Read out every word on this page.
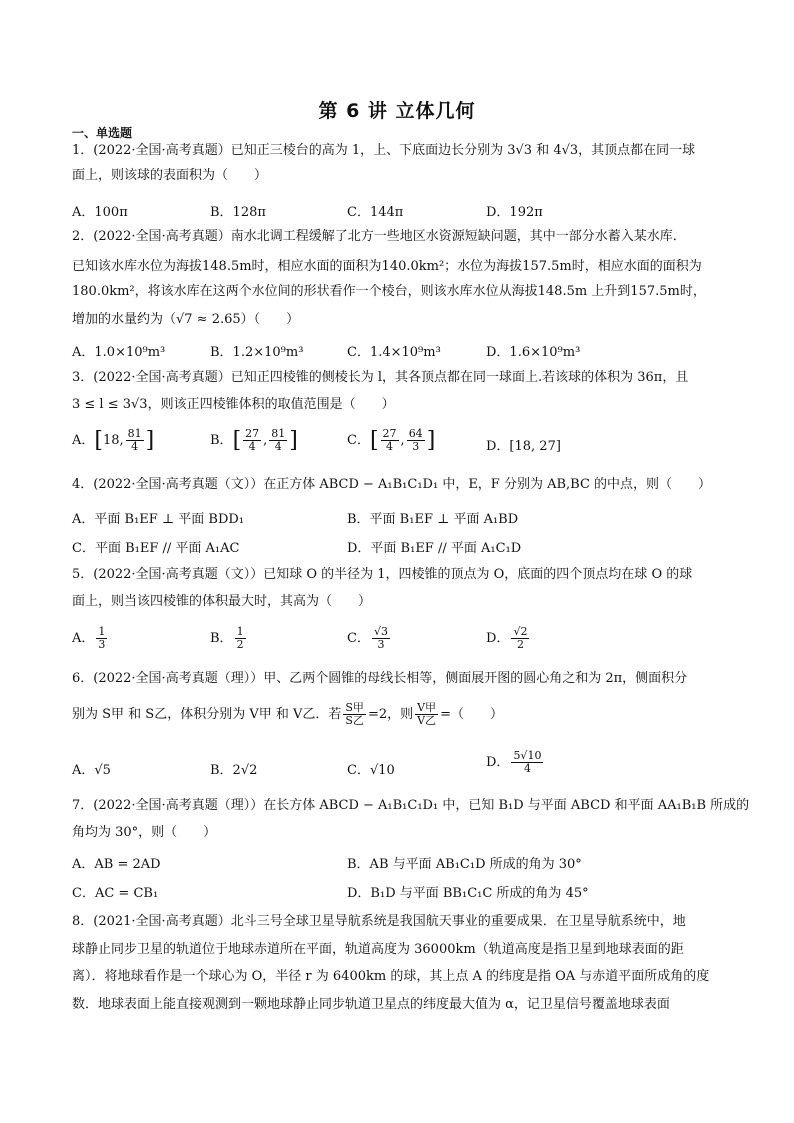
第 6 讲 立体几何
一、单选题
1．(2022·全国·高考真题）已知正三棱台的高为 1，上、下底面边长分别为 3√3 和 4√3，其顶点都在同一球
面上，则该球的表面积为（　　）
A．100π	B．128π	C．144π	D．192π
2．(2022·全国·高考真题）南水北调工程缓解了北方一些地区水资源短缺问题，其中一部分水蓄入某水库．
已知该水库水位为海拔148.5m时，相应水面的面积为140.0km²；水位为海拔157.5m时，相应水面的面积为
180.0km²，将该水库在这两个水位间的形状看作一个棱台，则该水库水位从海拔148.5m 上升到157.5m时，
增加的水量约为（√7 ≈ 2.65）（　　）
A．1.0×10⁹m³	B．1.2×10⁹m³	C．1.4×10⁹m³	D．1.6×10⁹m³
3．(2022·全国·高考真题）已知正四棱锥的侧棱长为 l，其各顶点都在同一球面上.若该球的体积为 36π，且
3 ≤ l ≤ 3√3，则该正四棱锥体积的取值范围是（　　）
A．[18, $\frac{81}{4}$ ]	B．[ $\frac{27}{4}$ , $\frac{81}{4}$ ]	C．[ $\frac{27}{4}$ , $\frac{64}{3}$ ]	D．[18, 27]
4．(2022·全国·高考真题（文））在正方体 ABCD − A₁B₁C₁D₁ 中，E，F 分别为 AB,BC 的中点，则（　　）
A．平面 B₁EF ⊥ 平面 BDD₁	B．平面 B₁EF ⊥ 平面 A₁BD
C．平面 B₁EF // 平面 A₁AC	D．平面 B₁EF // 平面 A₁C₁D
5．(2022·全国·高考真题（文））已知球 O 的半径为 1，四棱锥的顶点为 O，底面的四个顶点均在球 O 的球
面上，则当该四棱锥的体积最大时，其高为（　　）
A． $\frac{1}{3}$	B． $\frac{1}{2}$	C． $\frac{√3}{3}$	D． $\frac{√2}{2}$
6．(2022·全国·高考真题（理））甲、乙两个圆锥的母线长相等，侧面展开图的圆心角之和为 2π，侧面积分
别为 S甲 和 S乙，体积分别为 V甲 和 V乙．若 $\frac{\text{S甲}}{\text{S乙}} =2$，则 $\frac{\text{V甲}}{\text{V乙}}$ =（　　）
A．√5	B．2√2	C．√10
D． $\frac{5√10}{4}$
7．(2022·全国·高考真题（理））在长方体 ABCD − A₁B₁C₁D₁ 中，已知 B₁D 与平面 ABCD 和平面 AA₁B₁B 所成的
角均为 30°，则（　　）
A．AB = 2AD	B．AB 与平面 AB₁C₁D 所成的角为 30°
C．AC = CB₁	D．B₁D 与平面 BB₁C₁C 所成的角为 45°
8．(2021·全国·高考真题）北斗三号全球卫星导航系统是我国航天事业的重要成果．在卫星导航系统中，地
球静止同步卫星的轨道位于地球赤道所在平面，轨道高度为 36000km（轨道高度是指卫星到地球表面的距
离）．将地球看作是一个球心为 O，半径 r 为 6400km 的球，其上点 A 的纬度是指 OA 与赤道平面所成角的度
数．地球表面上能直接观测到一颗地球静止同步轨道卫星点的纬度最大值为 α，记卫星信号覆盖地球表面
